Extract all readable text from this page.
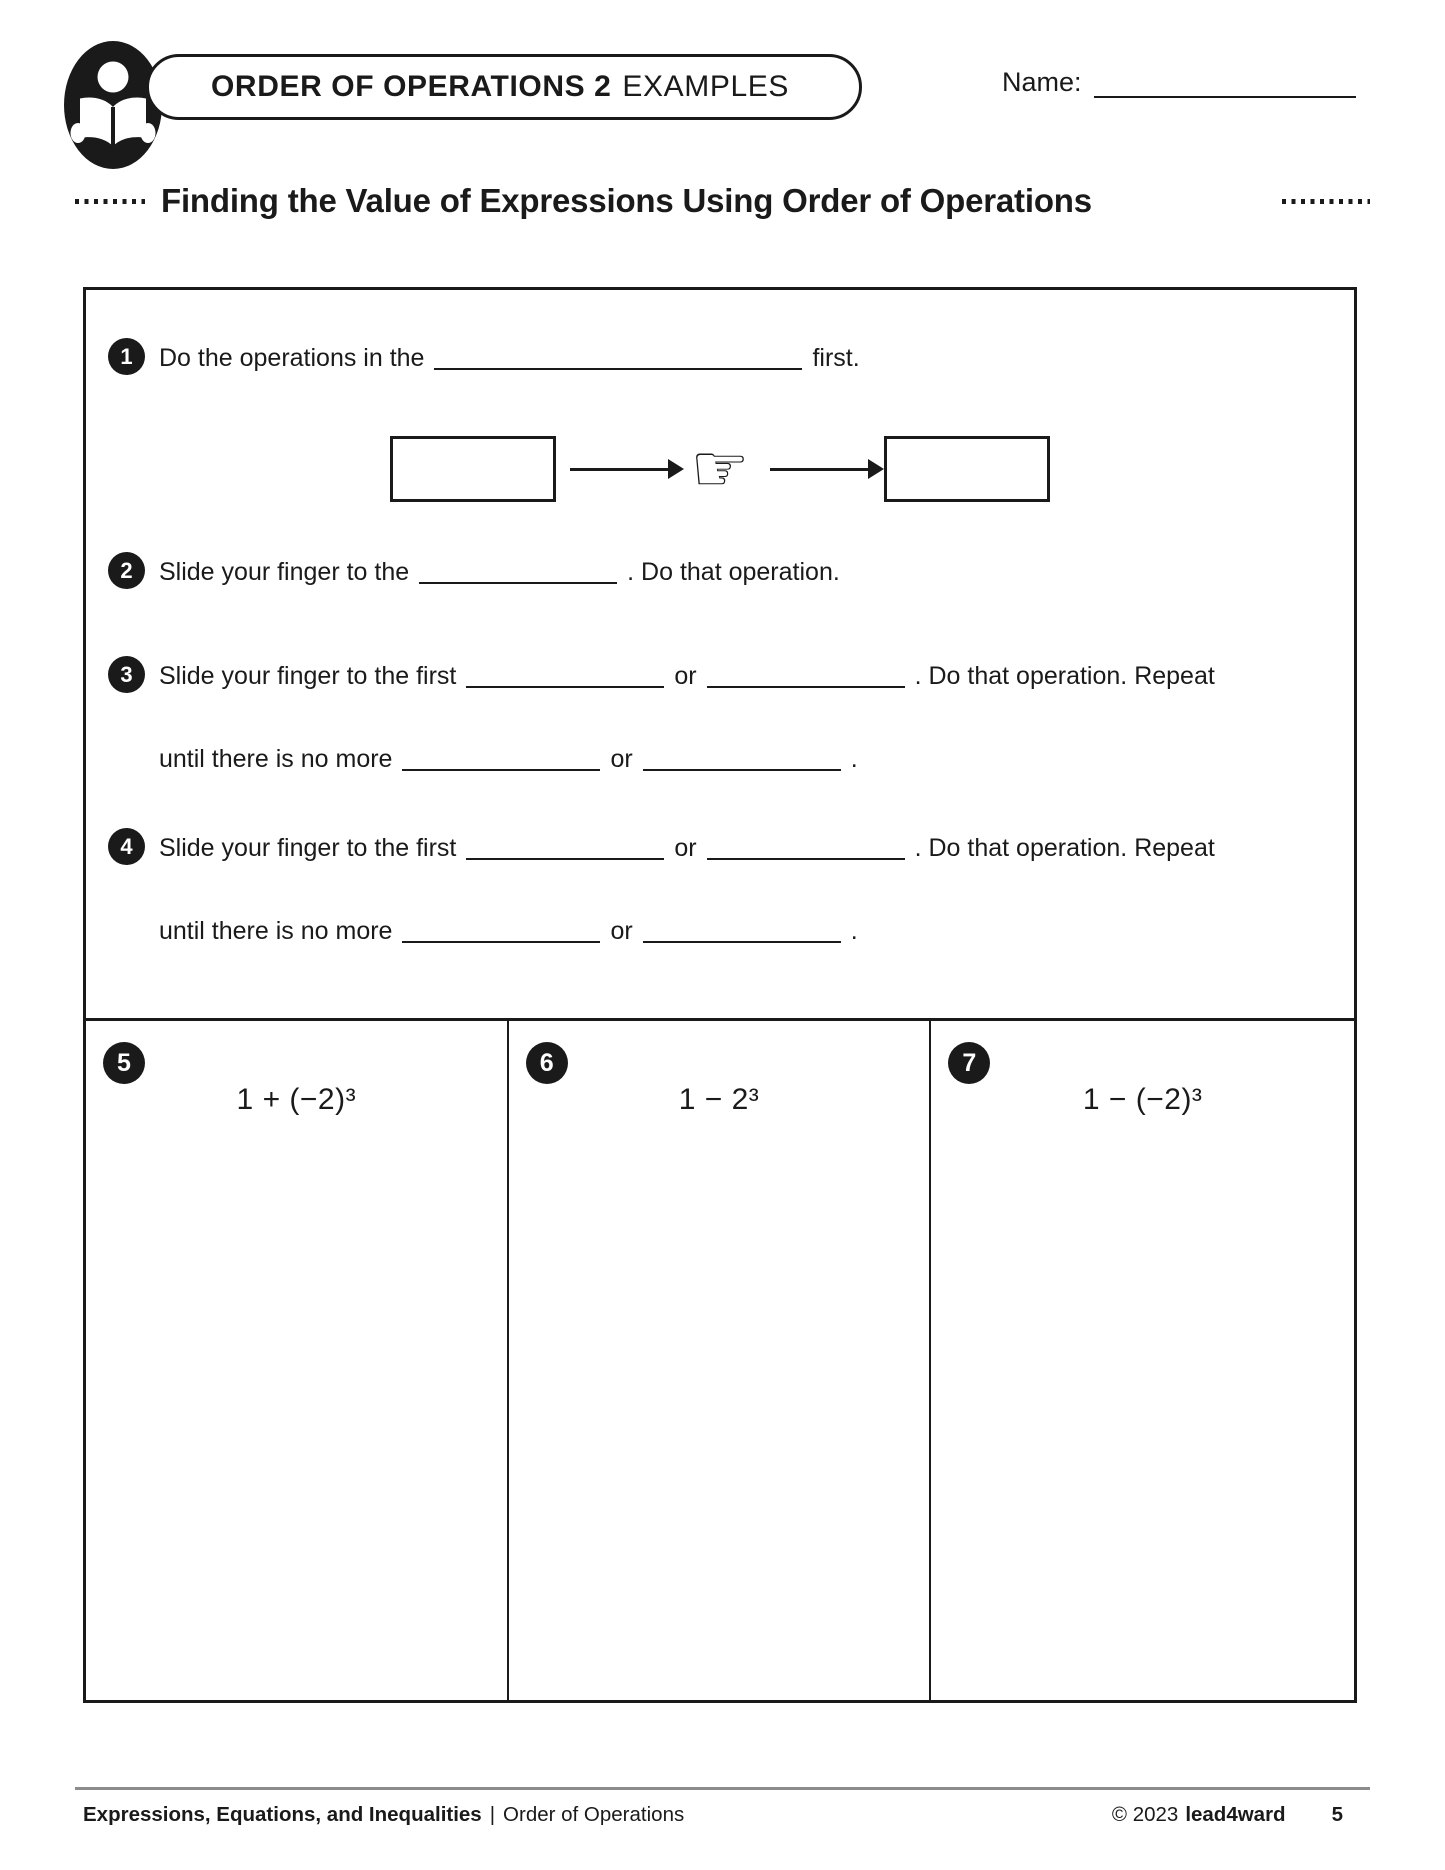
ORDER OF OPERATIONS 2 EXAMPLES	Name:
Finding the Value of Expressions Using Order of Operations
1	Do the operations in the	first.
☞
2	Slide your finger to the	. Do that operation.
3	Slide your finger to the first	or	. Do that operation. Repeat
until there is no more	or	.
4	Slide your finger to the first	or	. Do that operation. Repeat
until there is no more	or	.
5
1 + (−2)³
6
1 − 2³
7
1 − (−2)³
Expressions, Equations, and Inequalities | Order of Operations	© 2023 lead4ward 5
